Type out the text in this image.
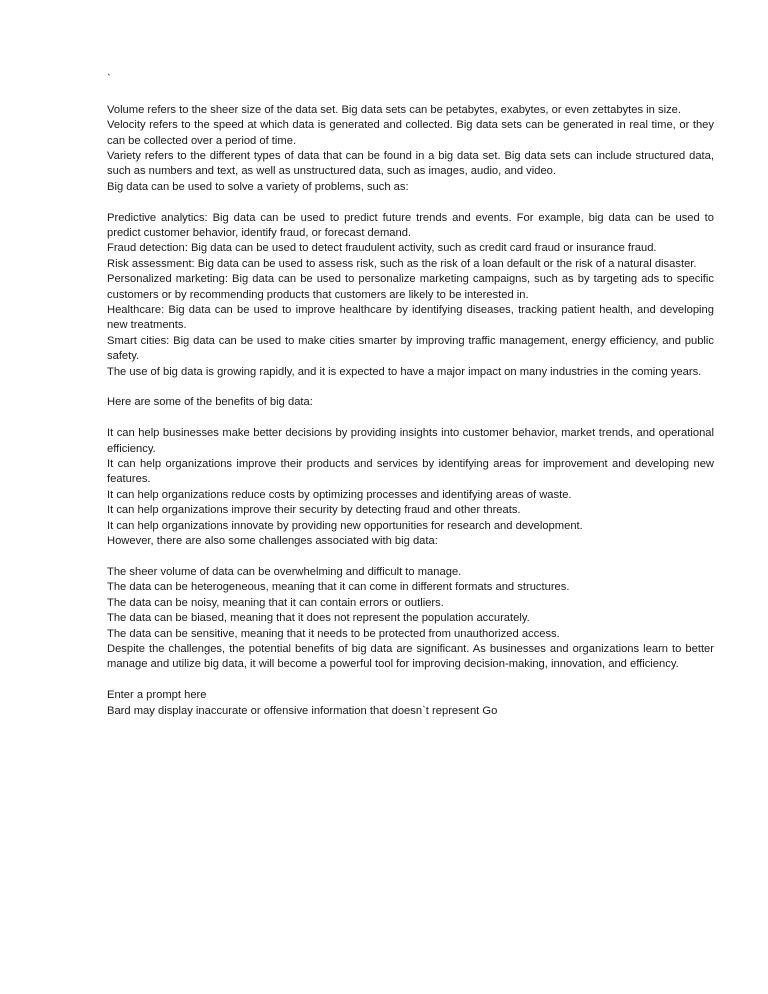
`

Volume refers to the sheer size of the data set. Big data sets can be petabytes, exabytes, or even zettabytes in size.

Velocity refers to the speed at which data is generated and collected. Big data sets can be generated in real time, or they can be collected over a period of time.

Variety refers to the different types of data that can be found in a big data set. Big data sets can include structured data, such as numbers and text, as well as unstructured data, such as images, audio, and video.

Big data can be used to solve a variety of problems, such as:

Predictive analytics: Big data can be used to predict future trends and events. For example, big data can be used to predict customer behavior, identify fraud, or forecast demand.

Fraud detection: Big data can be used to detect fraudulent activity, such as credit card fraud or insurance fraud.

Risk assessment: Big data can be used to assess risk, such as the risk of a loan default or the risk of a natural disaster.

Personalized marketing: Big data can be used to personalize marketing campaigns, such as by targeting ads to specific customers or by recommending products that customers are likely to be interested in.

Healthcare: Big data can be used to improve healthcare by identifying diseases, tracking patient health, and developing new treatments.

Smart cities: Big data can be used to make cities smarter by improving traffic management, energy efficiency, and public safety.

The use of big data is growing rapidly, and it is expected to have a major impact on many industries in the coming years.

Here are some of the benefits of big data:

It can help businesses make better decisions by providing insights into customer behavior, market trends, and operational efficiency.

It can help organizations improve their products and services by identifying areas for improvement and developing new features.

It can help organizations reduce costs by optimizing processes and identifying areas of waste.

It can help organizations improve their security by detecting fraud and other threats.

It can help organizations innovate by providing new opportunities for research and development.

However, there are also some challenges associated with big data:

The sheer volume of data can be overwhelming and difficult to manage.

The data can be heterogeneous, meaning that it can come in different formats and structures.

The data can be noisy, meaning that it can contain errors or outliers.

The data can be biased, meaning that it does not represent the population accurately.

The data can be sensitive, meaning that it needs to be protected from unauthorized access.

Despite the challenges, the potential benefits of big data are significant. As businesses and organizations learn to better manage and utilize big data, it will become a powerful tool for improving decision-making, innovation, and efficiency.

Enter a prompt here

Bard may display inaccurate or offensive information that doesn`t represent Go
